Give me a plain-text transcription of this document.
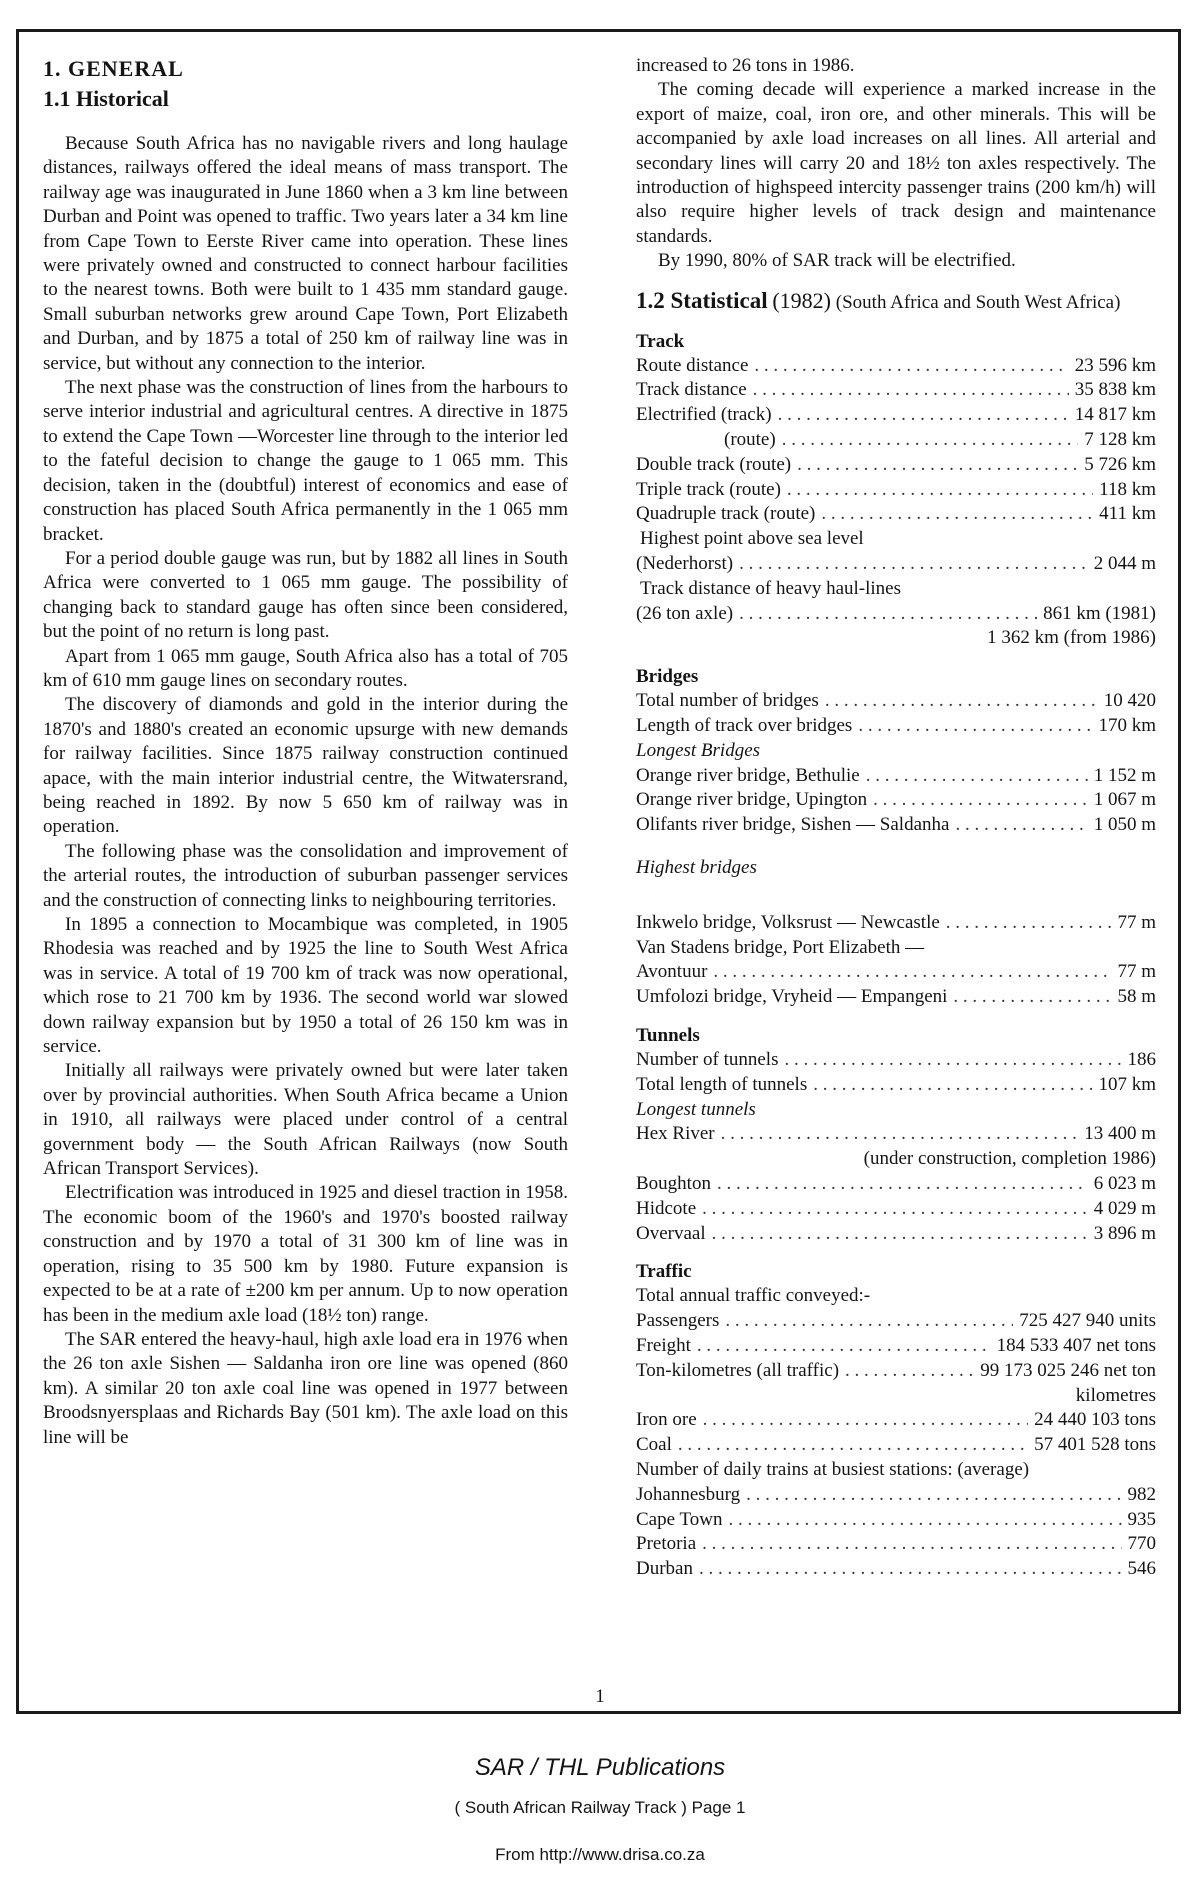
1. GENERAL
1.1 Historical

Because South Africa has no navigable rivers and long haulage distances, railways offered the ideal means of mass transport. The railway age was inaugurated in June 1860 when a 3 km line between Durban and Point was opened to traffic. Two years later a 34 km line from Cape Town to Eerste River came into operation. These lines were privately owned and constructed to connect harbour facilities to the nearest towns. Both were built to 1 435 mm standard gauge. Small suburban networks grew around Cape Town, Port Elizabeth and Durban, and by 1875 a total of 250 km of railway line was in service, but without any connection to the interior.

The next phase was the construction of lines from the harbours to serve interior industrial and agricultural centres. A directive in 1875 to extend the Cape Town —Worcester line through to the interior led to the fateful decision to change the gauge to 1 065 mm. This decision, taken in the (doubtful) interest of economics and ease of construction has placed South Africa permanently in the 1 065 mm bracket.

For a period double gauge was run, but by 1882 all lines in South Africa were converted to 1 065 mm gauge. The possibility of changing back to standard gauge has often since been considered, but the point of no return is long past.

Apart from 1 065 mm gauge, South Africa also has a total of 705 km of 610 mm gauge lines on secondary routes.

The discovery of diamonds and gold in the interior during the 1870's and 1880's created an economic upsurge with new demands for railway facilities. Since 1875 railway construction continued apace, with the main interior industrial centre, the Witwatersrand, being reached in 1892. By now 5 650 km of railway was in operation.

The following phase was the consolidation and improvement of the arterial routes, the introduction of suburban passenger services and the construction of connecting links to neighbouring territories.

In 1895 a connection to Mocambique was completed, in 1905 Rhodesia was reached and by 1925 the line to South West Africa was in service. A total of 19 700 km of track was now operational, which rose to 21 700 km by 1936. The second world war slowed down railway expansion but by 1950 a total of 26 150 km was in service.

Initially all railways were privately owned but were later taken over by provincial authorities. When South Africa became a Union in 1910, all railways were placed under control of a central government body — the South African Railways (now South African Transport Services).

Electrification was introduced in 1925 and diesel traction in 1958. The economic boom of the 1960's and 1970's boosted railway construction and by 1970 a total of 31 300 km of line was in operation, rising to 35 500 km by 1980. Future expansion is expected to be at a rate of ±200 km per annum. Up to now operation has been in the medium axle load (18½ ton) range.

The SAR entered the heavy-haul, high axle load era in 1976 when the 26 ton axle Sishen — Saldanha iron ore line was opened (860 km). A similar 20 ton axle coal line was opened in 1977 between Broodsnyersplaas and Richards Bay (501 km). The axle load on this line will be

increased to 26 tons in 1986.

The coming decade will experience a marked increase in the export of maize, coal, iron ore, and other minerals. This will be accompanied by axle load increases on all lines. All arterial and secondary lines will carry 20 and 18½ ton axles respectively. The introduction of highspeed intercity passenger trains (200 km/h) will also require higher levels of track design and maintenance standards.

By 1990, 80% of SAR track will be electrified.

1.2 Statistical (1982) (South Africa and South West Africa)
Track
Route distance . . .	23 596 km
Track distance . . .	35 838 km
Electrified (track) . . .	14 817 km
(route) . . .	7 128 km
Double track (route) . . .	5 726 km
Triple track (route) . . .	118 km
Quadruple track (route) . . .	411 km
Highest point above sea level
(Nederhorst) . . .	2 044 m
Track distance of heavy haul-lines
(26 ton axle) . . .	861 km (1981)
1 362 km (from 1986)
Bridges
Total number of bridges . . .	10 420
Length of track over bridges . . .	170 km
Longest Bridges
Orange river bridge, Bethulie . . .	1 152 m
Orange river bridge, Upington . . .	1 067 m
Olifants river bridge, Sishen — Saldanha . . .	1 050 m
Highest bridges
Inkwelo bridge, Volksrust — Newcastle . . .	77 m
Van Stadens bridge, Port Elizabeth —
Avontuur . . .	77 m
Umfolozi bridge, Vryheid — Empangeni . . .	58 m
Tunnels
Number of tunnels . . .	186
Total length of tunnels . . .	107 km
Longest tunnels
Hex River . . .	13 400 m
(under construction, completion 1986)
Boughton . . .	6 023 m
Hidcote . . .	4 029 m
Overvaal . . .	3 896 m
Traffic
Total annual traffic conveyed:-
Passengers . . .	725 427 940 units
Freight . . .	184 533 407 net tons
Ton-kilometres (all traffic) . . .	99 173 025 246 net ton
kilometres
Iron ore . . .	24 440 103 tons
Coal . . .	57 401 528 tons
Number of daily trains at busiest stations: (average)
Johannesburg . . .	982
Cape Town . . .	935
Pretoria . . .	770
Durban . . .	546
1
SAR / THL Publications
( South African Railway Track ) Page 1
From http://www.drisa.co.za
